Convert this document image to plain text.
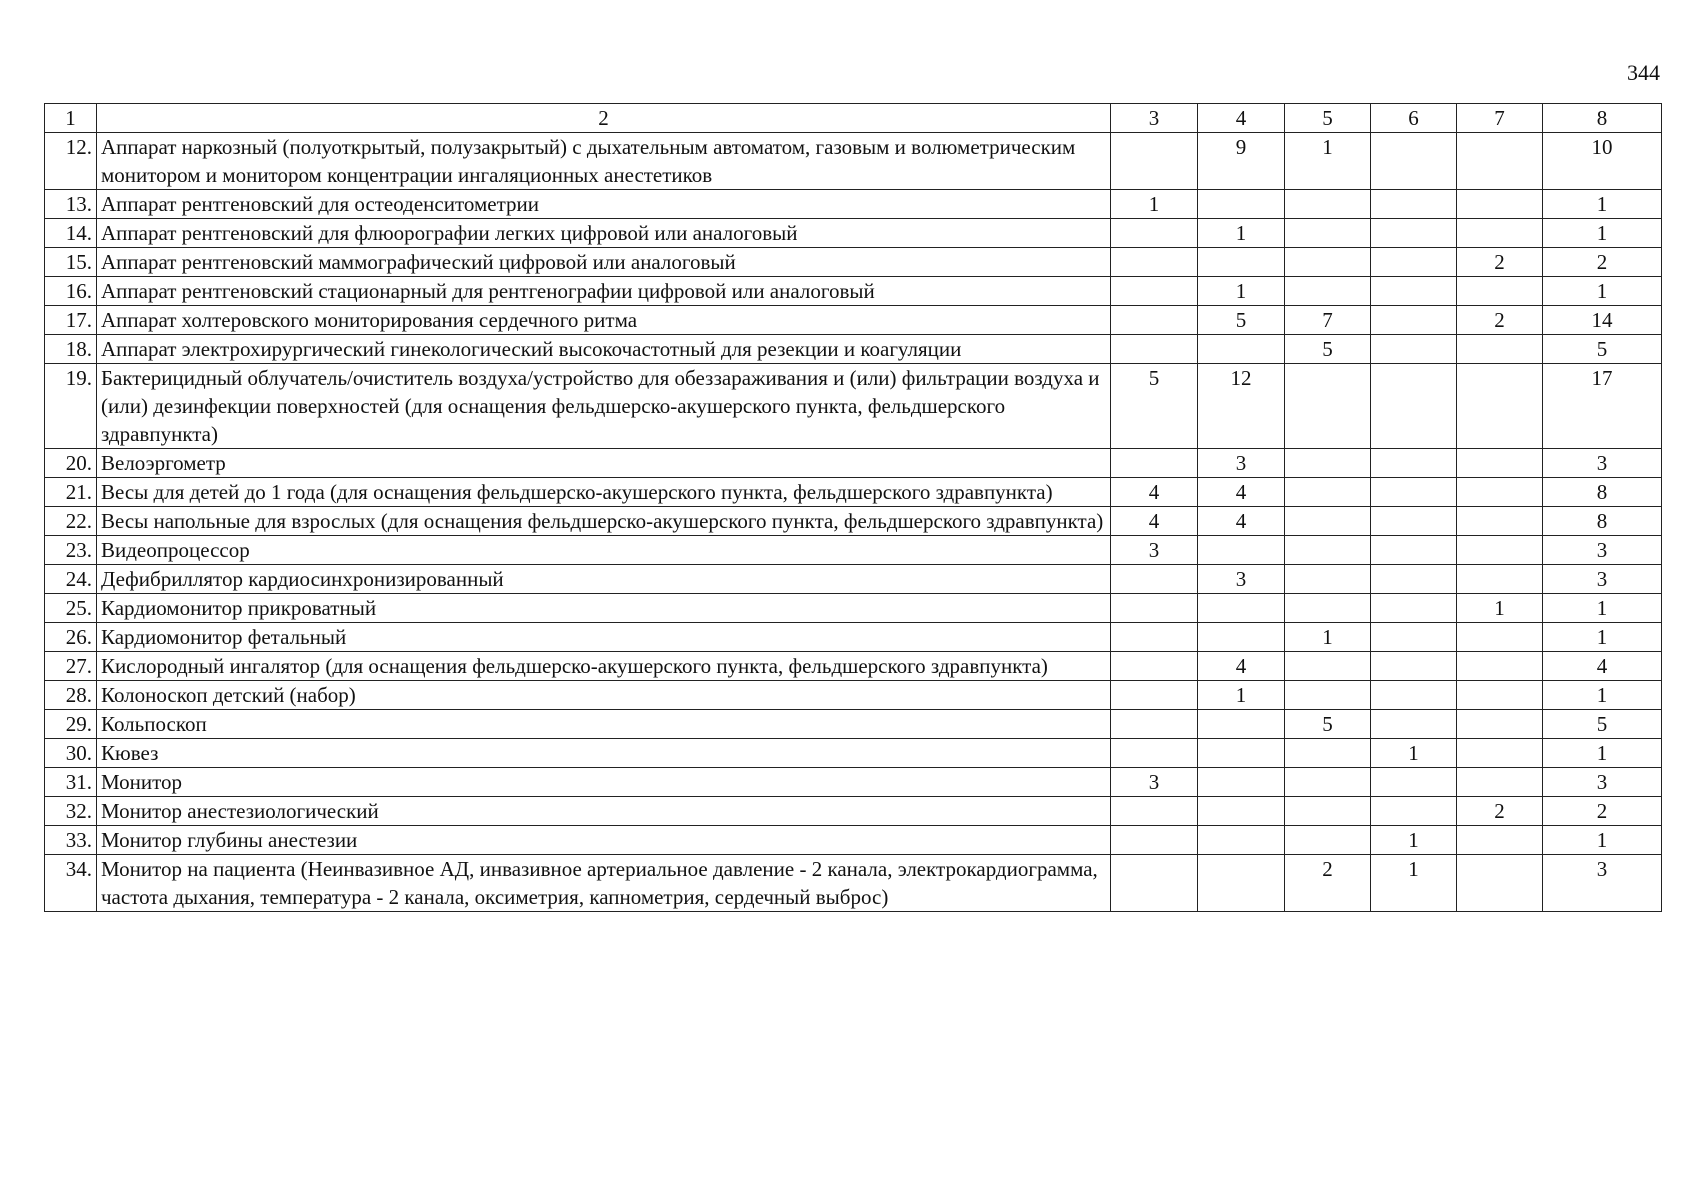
344
1	2	3	4	5	6	7	8
12.	Аппарат наркозный (полуоткрытый, полузакрытый) с дыхательным автоматом, газовым и волюметрическим монитором и монитором концентрации ингаляционных анестетиков		9	1			10
13.	Аппарат рентгеновский для остеоденситометрии	1					1
14.	Аппарат рентгеновский для флюорографии легких цифровой или аналоговый		1				1
15.	Аппарат рентгеновский маммографический цифровой или аналоговый					2	2
16.	Аппарат рентгеновский стационарный для рентгенографии цифровой или аналоговый		1				1
17.	Аппарат холтеровского мониторирования сердечного ритма		5	7		2	14
18.	Аппарат электрохирургический гинекологический высокочастотный для резекции и коагуляции			5			5
19.	Бактерицидный облучатель/очиститель воздуха/устройство для обеззараживания и (или) фильтрации воздуха и (или) дезинфекции поверхностей (для оснащения фельдшерско-акушерского пункта, фельдшерского здравпункта)	5	12				17
20.	Велоэргометр		3				3
21.	Весы для детей до 1 года (для оснащения фельдшерско-акушерского пункта, фельдшерского здравпункта)	4	4				8
22.	Весы напольные для взрослых (для оснащения фельдшерско-акушерского пункта, фельдшерского здравпункта)	4	4				8
23.	Видеопроцессор	3					3
24.	Дефибриллятор кардиосинхронизированный		3				3
25.	Кардиомонитор прикроватный					1	1
26.	Кардиомонитор фетальный			1			1
27.	Кислородный ингалятор (для оснащения фельдшерско-акушерского пункта, фельдшерского здравпункта)		4				4
28.	Колоноскоп детский (набор)		1				1
29.	Кольпоскоп			5			5
30.	Кювез				1		1
31.	Монитор	3					3
32.	Монитор анестезиологический					2	2
33.	Монитор глубины анестезии				1		1
34.	Монитор на пациента (Неинвазивное АД, инвазивное артериальное давление - 2 канала, электрокардиограмма, частота дыхания, температура - 2 канала, оксиметрия, капнометрия, сердечный выброс)			2	1		3
